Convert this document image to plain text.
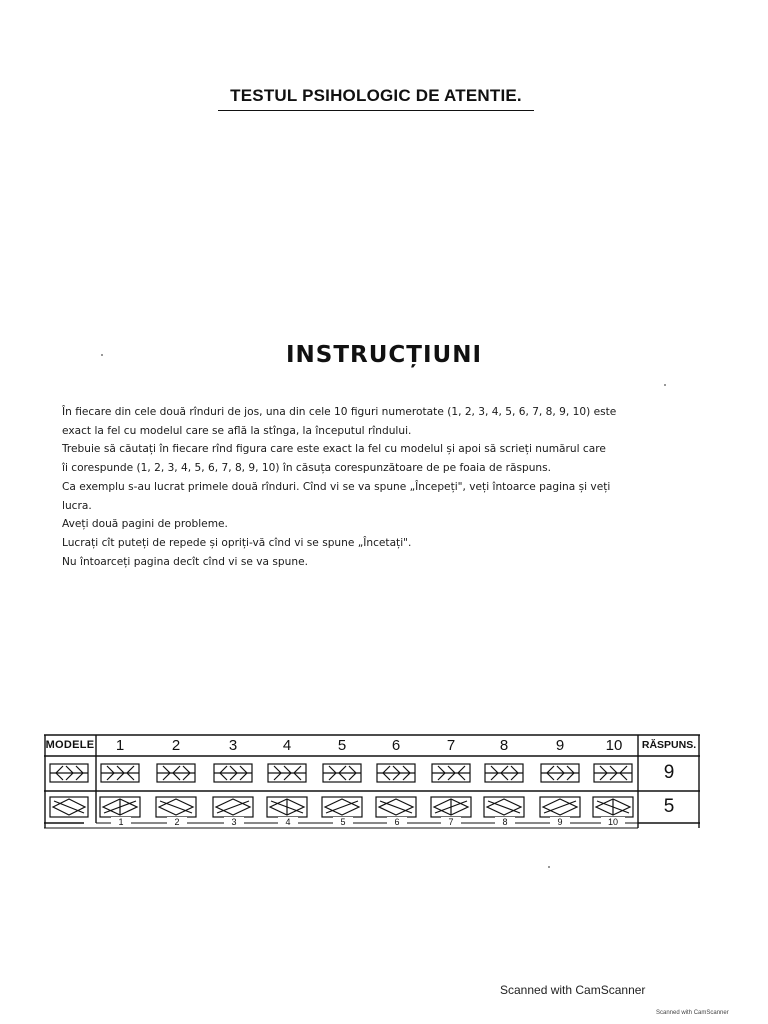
TESTUL PSIHOLOGIC DE ATENTIE.
INSTRUCȚIUNI

În fiecare din cele două rînduri de jos, una din cele 10 figuri numerotate (1, 2, 3, 4, 5, 6, 7, 8, 9, 10) este

exact la fel cu modelul care se află la stînga, la începutul rîndului.

Trebuie să căutați în fiecare rînd figura care este exact la fel cu modelul și apoi să scrieți numărul care

îi corespunde (1, 2, 3, 4, 5, 6, 7, 8, 9, 10) în căsuța corespunzătoare de pe foaia de răspuns.

Ca exemplu s-au lucrat primele două rînduri. Cînd vi se va spune „Începeți", veți întoarce pagina și veți

lucra.

Aveți două pagini de probleme.

Lucrați cît puteți de repede și opriți-vă cînd vi se spune „Încetați".

Nu întoarceți pagina decît cînd vi se va spune.

MODELE	1	2	3	4	5	6	7	8	9	10	RĂSPUNS.
9
5
1	2	3	4	5	6	7	8	9	10
Scanned with CamScanner
Scanned with CamScanner
